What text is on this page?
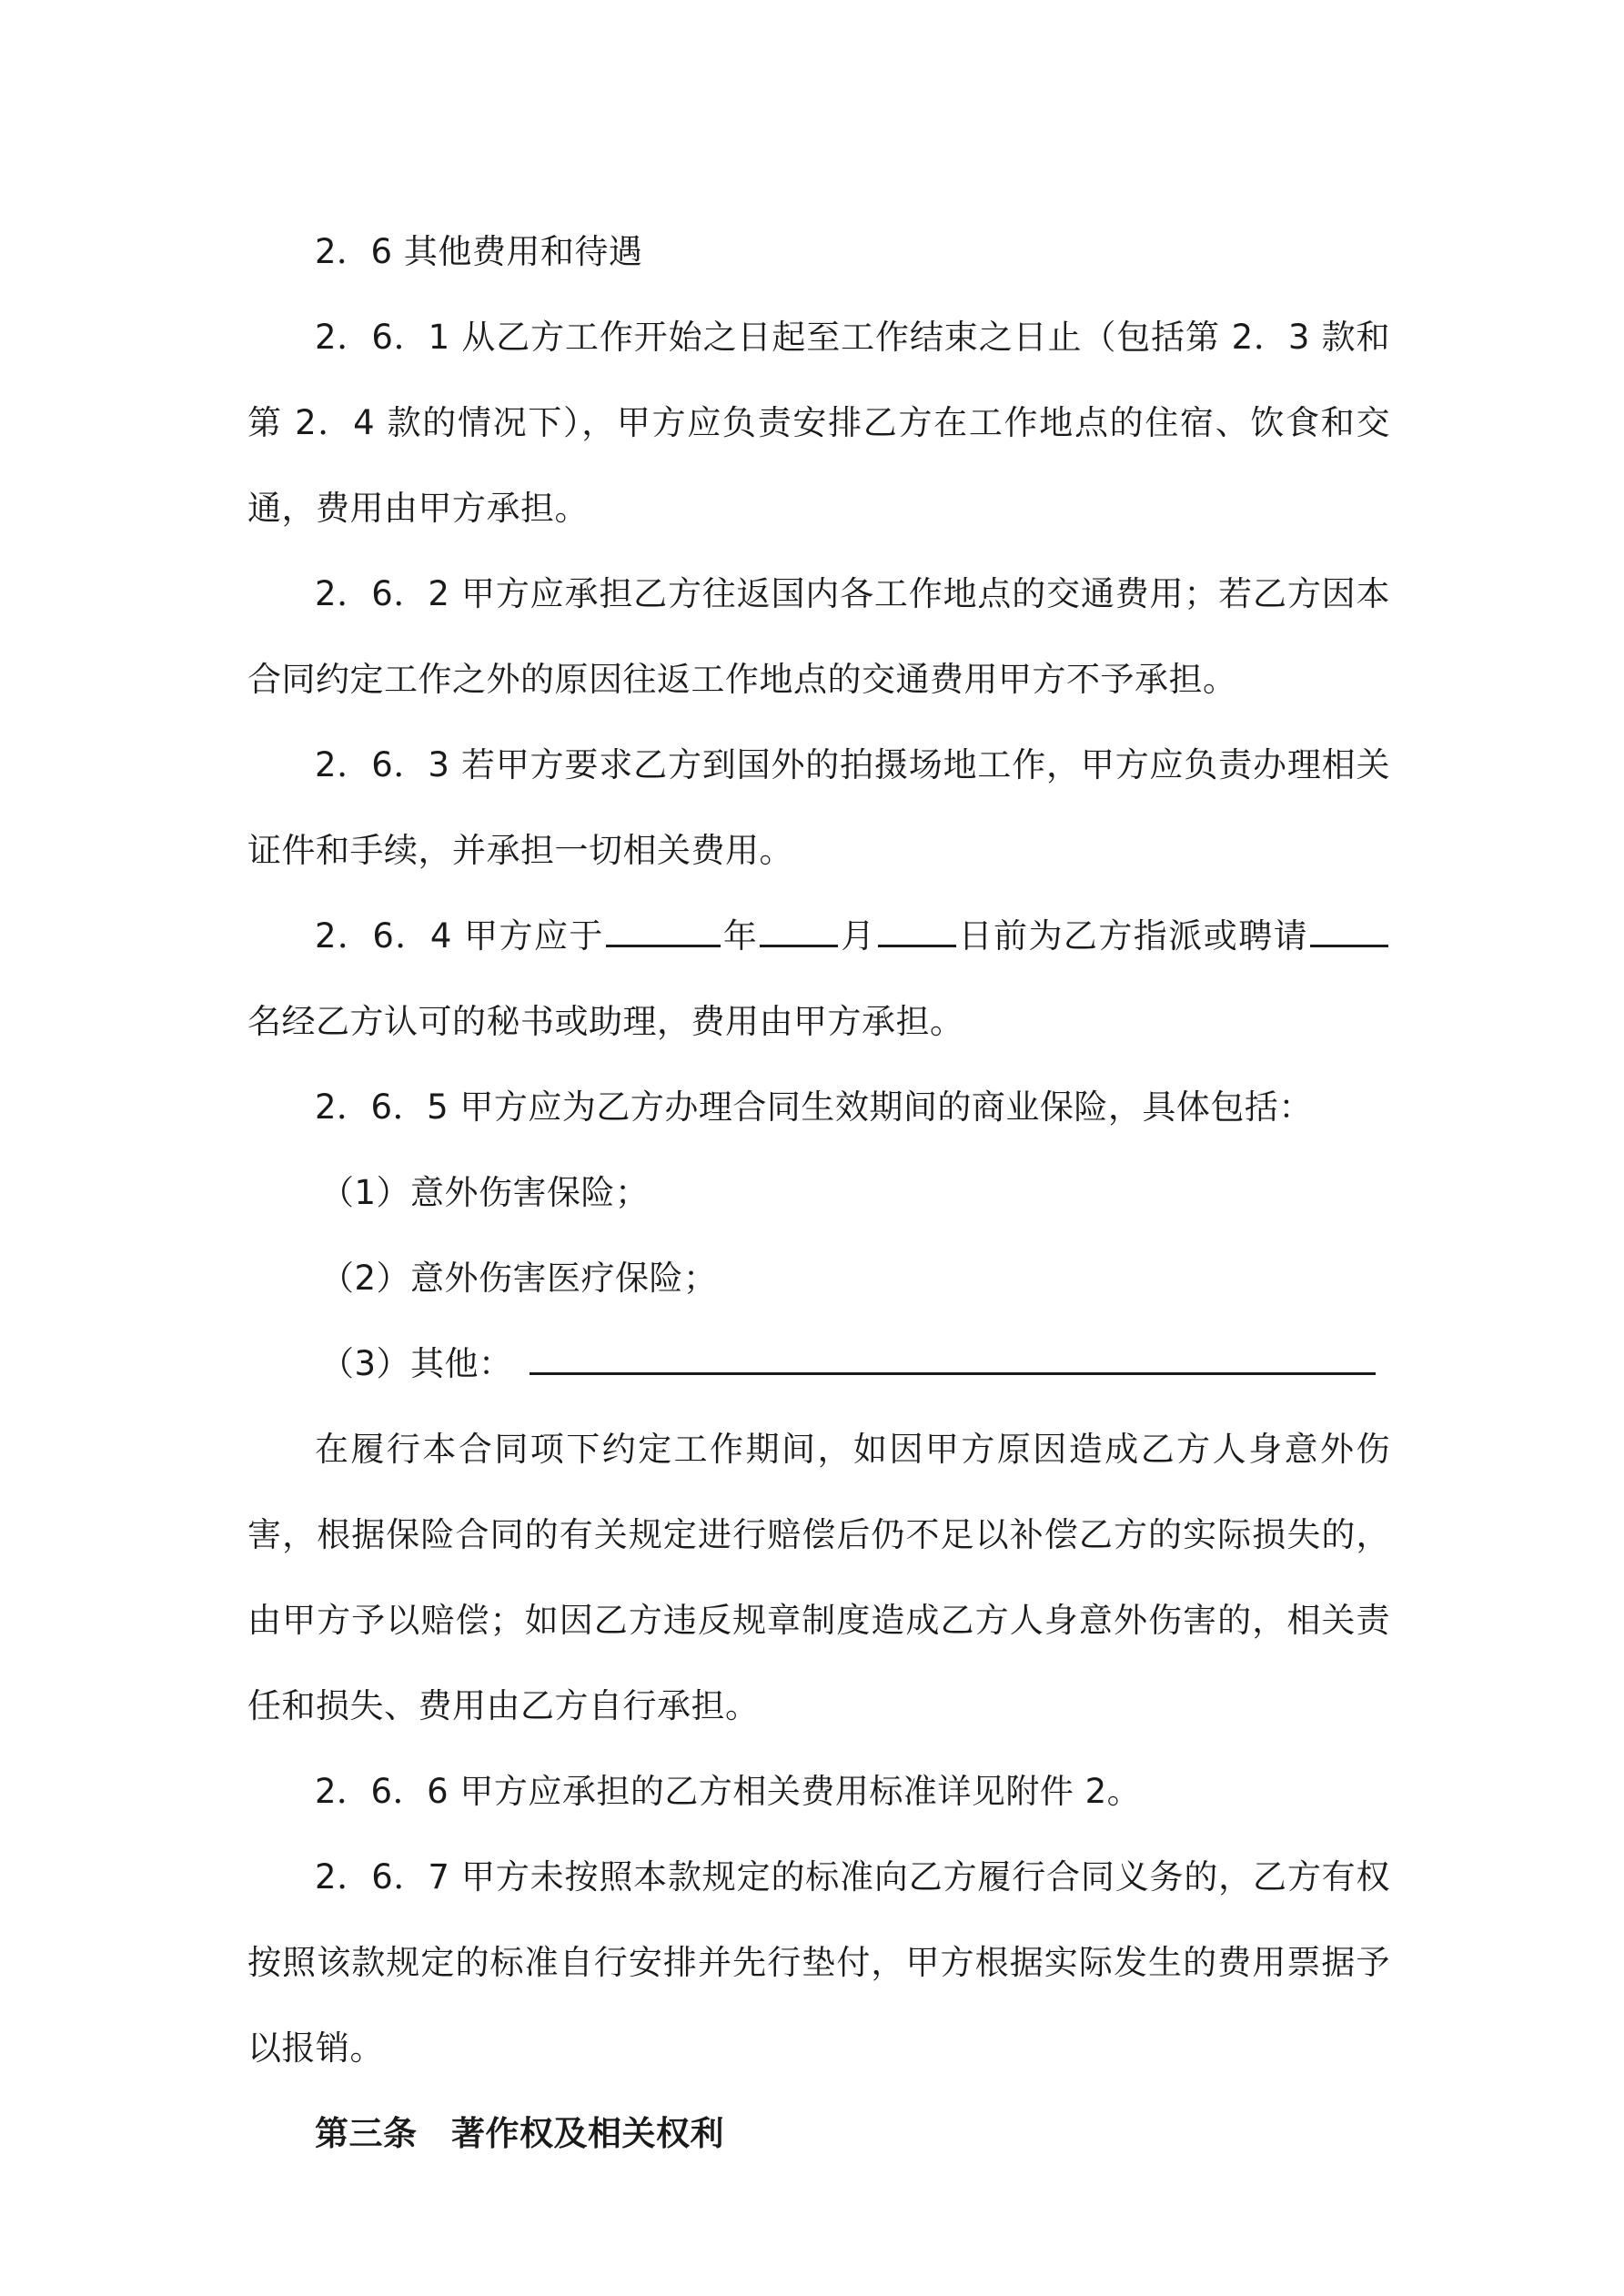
2．6 其他费用和待遇

2．6．1 从乙方工作开始之日起至工作结束之日止（包括第 2．3 款和第 2．4 款的情况下），甲方应负责安排乙方在工作地点的住宿、饮食和交通，费用由甲方承担。

2．6．2 甲方应承担乙方往返国内各工作地点的交通费用；若乙方因本合同约定工作之外的原因往返工作地点的交通费用甲方不予承担。

2．6．3 若甲方要求乙方到国外的拍摄场地工作，甲方应负责办理相关证件和手续，并承担一切相关费用。

2．6．4 甲方应于	年 月 日前为乙方指派或聘请名经乙方认可的秘书或助理，费用由甲方承担。

2．6．5 甲方应为乙方办理合同生效期间的商业保险，具体包括：

（1）意外伤害保险；

（2）意外伤害医疗保险；

（3）其他：

在履行本合同项下约定工作期间，如因甲方原因造成乙方人身意外伤害，根据保险合同的有关规定进行赔偿后仍不足以补偿乙方的实际损失的，由甲方予以赔偿；如因乙方违反规章制度造成乙方人身意外伤害的，相关责任和损失、费用由乙方自行承担。

2．6．6 甲方应承担的乙方相关费用标准详见附件 2。

2．6．7 甲方未按照本款规定的标准向乙方履行合同义务的，乙方有权按照该款规定的标准自行安排并先行垫付，甲方根据实际发生的费用票据予以报销。

第三条　著作权及相关权利
